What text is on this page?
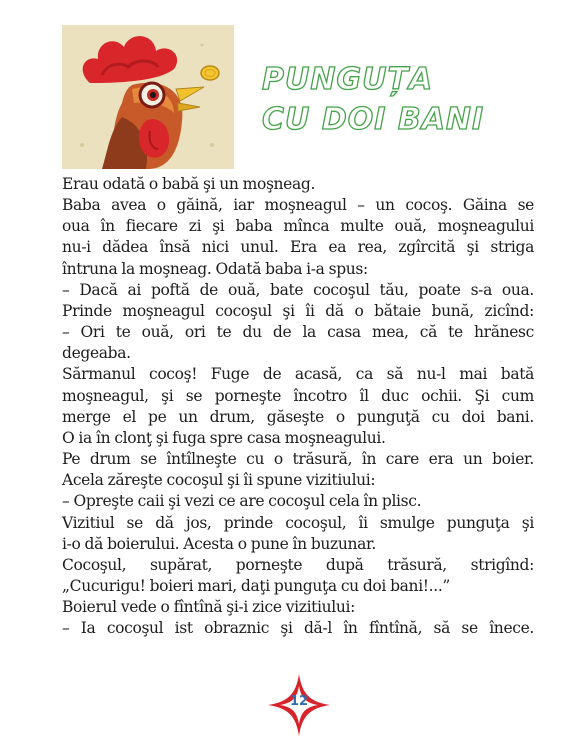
PUNGUȚA
CU DOI BANI
Erau odată o babă şi un moşneag.
Baba avea o găină, iar moşneagul – un cocoş. Găina se
oua în fiecare zi şi baba mînca multe ouă, moşneagului
nu-i dădea însă nici unul. Era ea rea, zgîrcită şi striga
întruna la moşneag. Odată baba i-a spus:
– Dacă ai poftă de ouă, bate cocoşul tău, poate s-a oua.
Prinde moşneagul cocoşul şi îi dă o bătaie bună, zicînd:
– Ori te ouă, ori te du de la casa mea, că te hrănesc
degeaba.
Sărmanul cocoş! Fuge de acasă, ca să nu-l mai bată
moşneagul, şi se porneşte încotro îl duc ochii. Şi cum
merge el pe un drum, găseşte o punguţă cu doi bani.
O ia în clonţ şi fuga spre casa moşneagului.
Pe drum se întîlneşte cu o trăsură, în care era un boier.
Acela zăreşte cocoşul şi îi spune vizitiului:
– Opreşte caii şi vezi ce are cocoşul cela în plisc.
Vizitiul se dă jos, prinde cocoşul, îi smulge punguţa şi
i-o dă boierului. Acesta o pune în buzunar.
Cocoşul, supărat, porneşte după trăsură, strigînd:
„Cucurigu! boieri mari, daţi punguţa cu doi bani!...”
Boierul vede o fîntînă şi-i zice vizitiului:
– Ia cocoşul ist obraznic şi dă-l în fîntînă, să se înece.
12
